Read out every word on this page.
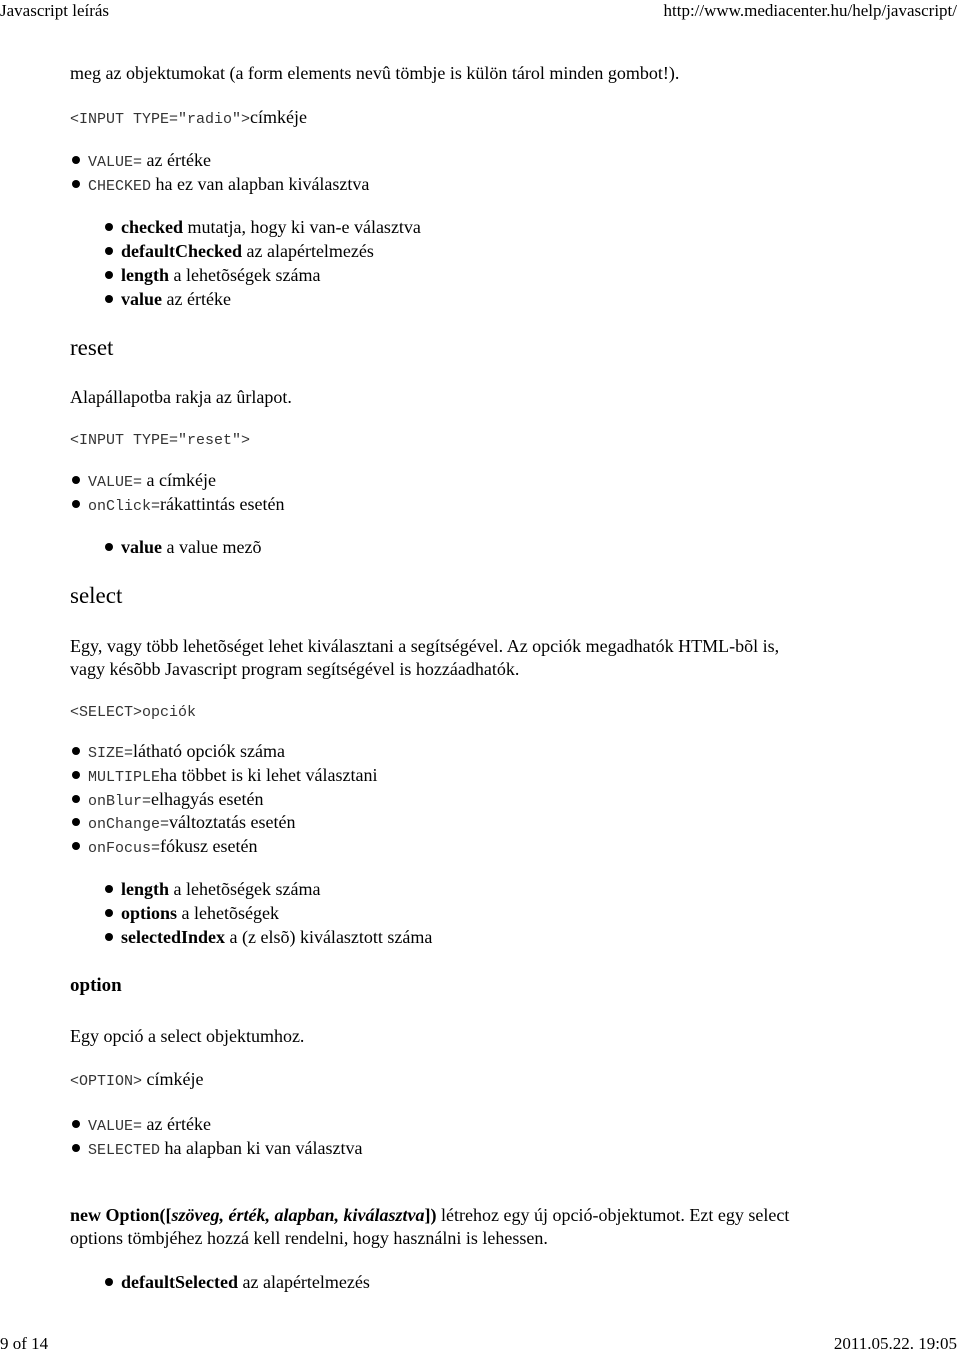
Javascript leírás	http://www.mediacenter.hu/help/javascript/
meg az objektumokat (a form elements nevû tömbje is külön tárol minden gombot!).
<INPUT TYPE="radio">címkéje
VALUE= az értéke
CHECKED ha ez van alapban kiválasztva
checked mutatja, hogy ki van-e választva
defaultChecked az alapértelmezés
length a lehetõségek száma
value az értéke
reset
Alapállapotba rakja az ûrlapot.
<INPUT TYPE="reset">
VALUE= a címkéje
onClick=rákattintás esetén
value a value mezõ
select
Egy, vagy több lehetõséget lehet kiválasztani a segítségével. Az opciók megadhatók HTML-bõl is,
vagy késõbb Javascript program segítségével is hozzáadhatók.
<SELECT>opciók
SIZE=látható opciók száma
MULTIPLEha többet is ki lehet választani
onBlur=elhagyás esetén
onChange=változtatás esetén
onFocus=fókusz esetén
length a lehetõségek száma
options a lehetõségek
selectedIndex a (z elsõ) kiválasztott száma
option
Egy opció a select objektumhoz.
<OPTION> címkéje
VALUE= az értéke
SELECTED ha alapban ki van választva
new Option([szöveg, érték, alapban, kiválasztva]) létrehoz egy új opció-objektumot. Ezt egy select
options tömbjéhez hozzá kell rendelni, hogy használni is lehessen.
defaultSelected az alapértelmezés
9 of 14	2011.05.22. 19:05
